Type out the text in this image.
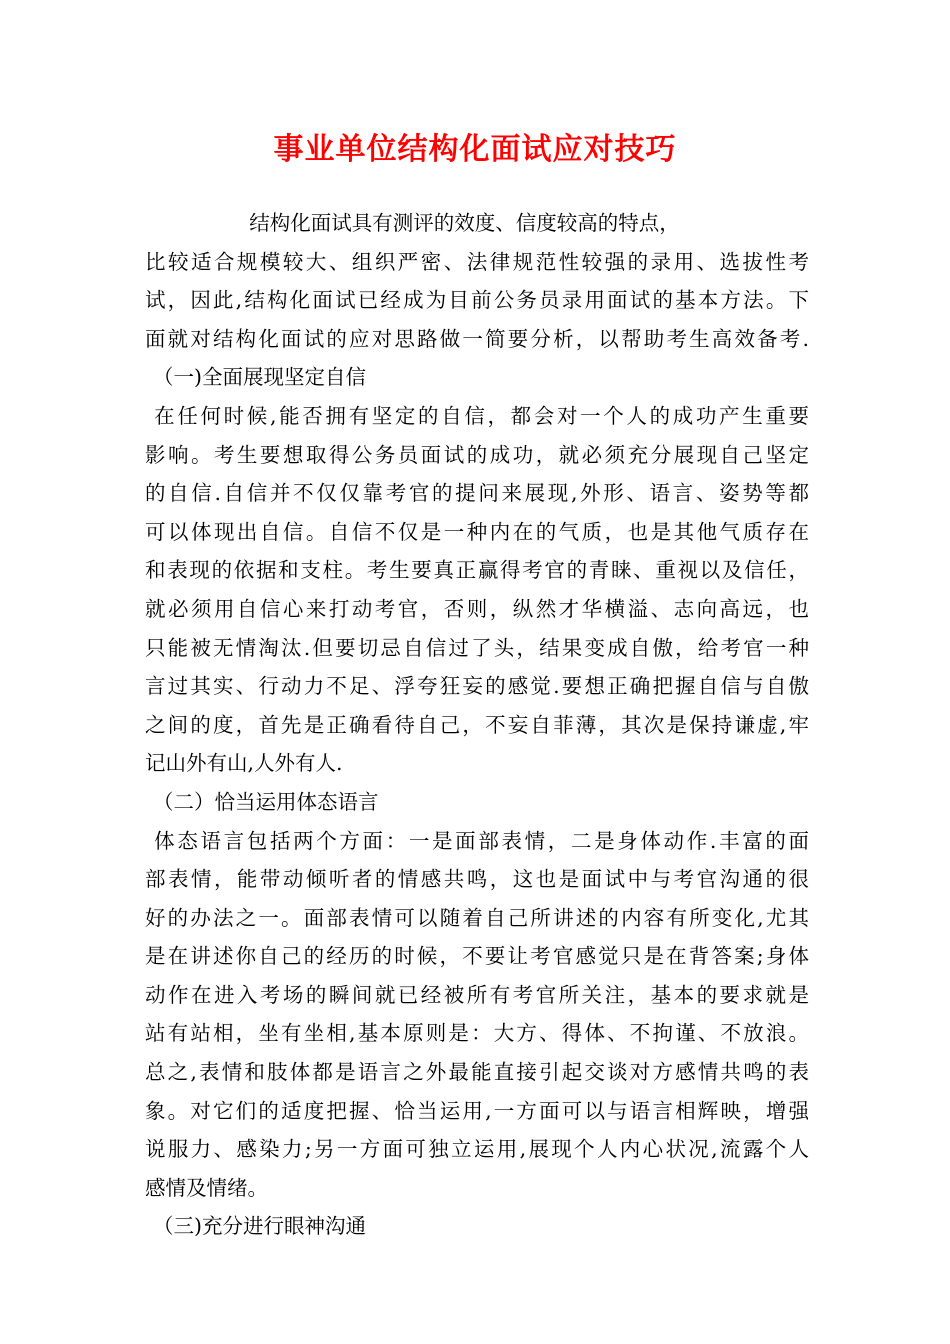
事业单位结构化面试应对技巧
结构化面试具有测评的效度、信度较高的特点，
比较适合规模较大、组织严密、法律规范性较强的录用、选拔性考
试，因此,结构化面试已经成为目前公务员录用面试的基本方法。下
面就对结构化面试的应对思路做一简要分析，以帮助考生高效备考.
（一)全面展现坚定自信
在任何时候,能否拥有坚定的自信，都会对一个人的成功产生重要
影响。考生要想取得公务员面试的成功，就必须充分展现自己坚定
的自信.自信并不仅仅靠考官的提问来展现,外形、语言、姿势等都
可以体现出自信。自信不仅是一种内在的气质，也是其他气质存在
和表现的依据和支柱。考生要真正赢得考官的青睐、重视以及信任，
就必须用自信心来打动考官，否则，纵然才华横溢、志向高远，也
只能被无情淘汰.但要切忌自信过了头，结果变成自傲，给考官一种
言过其实、行动力不足、浮夸狂妄的感觉.要想正确把握自信与自傲
之间的度，首先是正确看待自己，不妄自菲薄，其次是保持谦虚,牢
记山外有山,人外有人.
（二）恰当运用体态语言
体态语言包括两个方面：一是面部表情，二是身体动作.丰富的面
部表情，能带动倾听者的情感共鸣，这也是面试中与考官沟通的很
好的办法之一。面部表情可以随着自己所讲述的内容有所变化,尤其
是在讲述你自己的经历的时候，不要让考官感觉只是在背答案;身体
动作在进入考场的瞬间就已经被所有考官所关注，基本的要求就是
站有站相，坐有坐相,基本原则是：大方、得体、不拘谨、不放浪。
总之,表情和肢体都是语言之外最能直接引起交谈对方感情共鸣的表
象。对它们的适度把握、恰当运用,一方面可以与语言相辉映，增强
说服力、感染力;另一方面可独立运用,展现个人内心状况,流露个人
感情及情绪。
（三)充分进行眼神沟通
